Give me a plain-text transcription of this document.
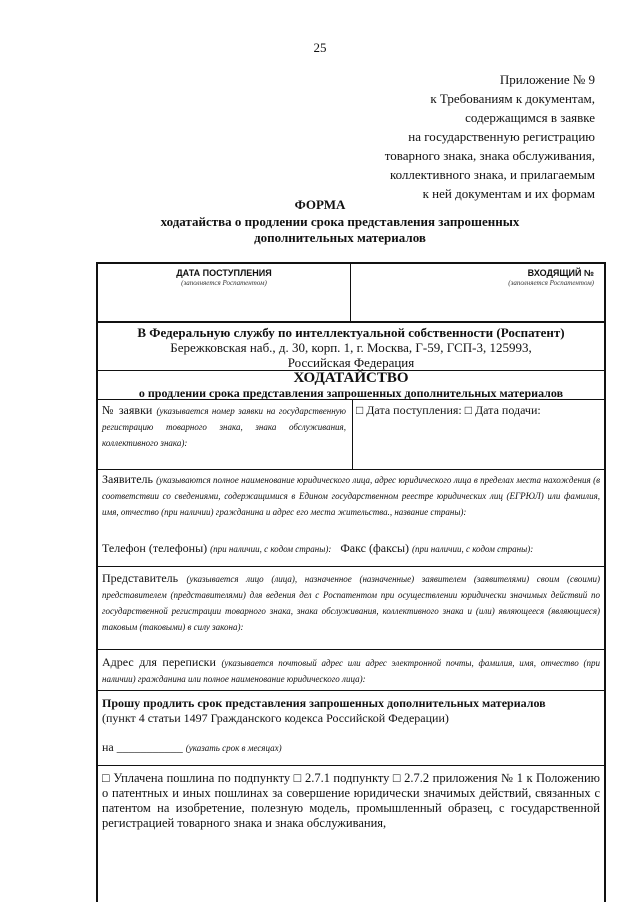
25
Приложение № 9
к Требованиям к документам,
содержащимся в заявке
на государственную регистрацию
товарного знака, знака обслуживания,
коллективного знака, и прилагаемым
к ней документам и их формам
ФОРМА
ходатайства о продлении срока представления запрошенных
дополнительных материалов
ДАТА ПОСТУПЛЕНИЯ
(заполняется Роспатентом)
ВХОДЯЩИЙ №
(заполняется Роспатентом)
В Федеральную службу по интеллектуальной собственности (Роспатент)
Бережковская наб., д. 30, корп. 1, г. Москва, Г-59, ГСП-3, 125993,
Российская Федерация
ХОДАТАЙСТВО
о продлении срока представления запрошенных дополнительных материалов
№ заявки (указывается номер заявки на государственную регистрацию товарного знака, знака обслуживания, коллективного знака):
□ Дата поступления: □ Дата подачи:
Заявитель (указываются полное наименование юридического лица, адрес юридического лица в пределах места нахождения (в соответствии со сведениями, содержащимися в Едином государственном реестре юридических лиц (ЕГРЮЛ) или фамилия, имя, отчество (при наличии) гражданина и адрес его места жительства., название страны):
Телефон (телефоны) (при наличии, с кодом страны): Факс (факсы) (при наличии, с кодом страны):
Представитель (указывается лицо (лица), назначенное (назначенные) заявителем (заявителями) своим (своими) представителем (представителями) для ведения дел с Роспатентом при осуществлении юридически значимых действий по государственной регистрации товарного знака, знака обслуживания, коллективного знака и (или) являющееся (являющиеся) таковым (таковыми) в силу закона):
Адрес для переписки (указывается почтовый адрес или адрес электронной почты, фамилия, имя, отчество (при наличии) гражданина или полное наименование юридического лица):
Прошу продлить срок представления запрошенных дополнительных материалов
(пункт 4 статьи 1497 Гражданского кодекса Российской Федерации)
на ___________ (указать срок в месяцах)
□ Уплачена пошлина по подпункту □ 2.7.1 подпункту □ 2.7.2 приложения № 1 к Положению о патентных и иных пошлинах за совершение юридически значимых действий, связанных с патентом на изобретение, полезную модель, промышленный образец, с государственной регистрацией товарного знака и знака обслуживания,
